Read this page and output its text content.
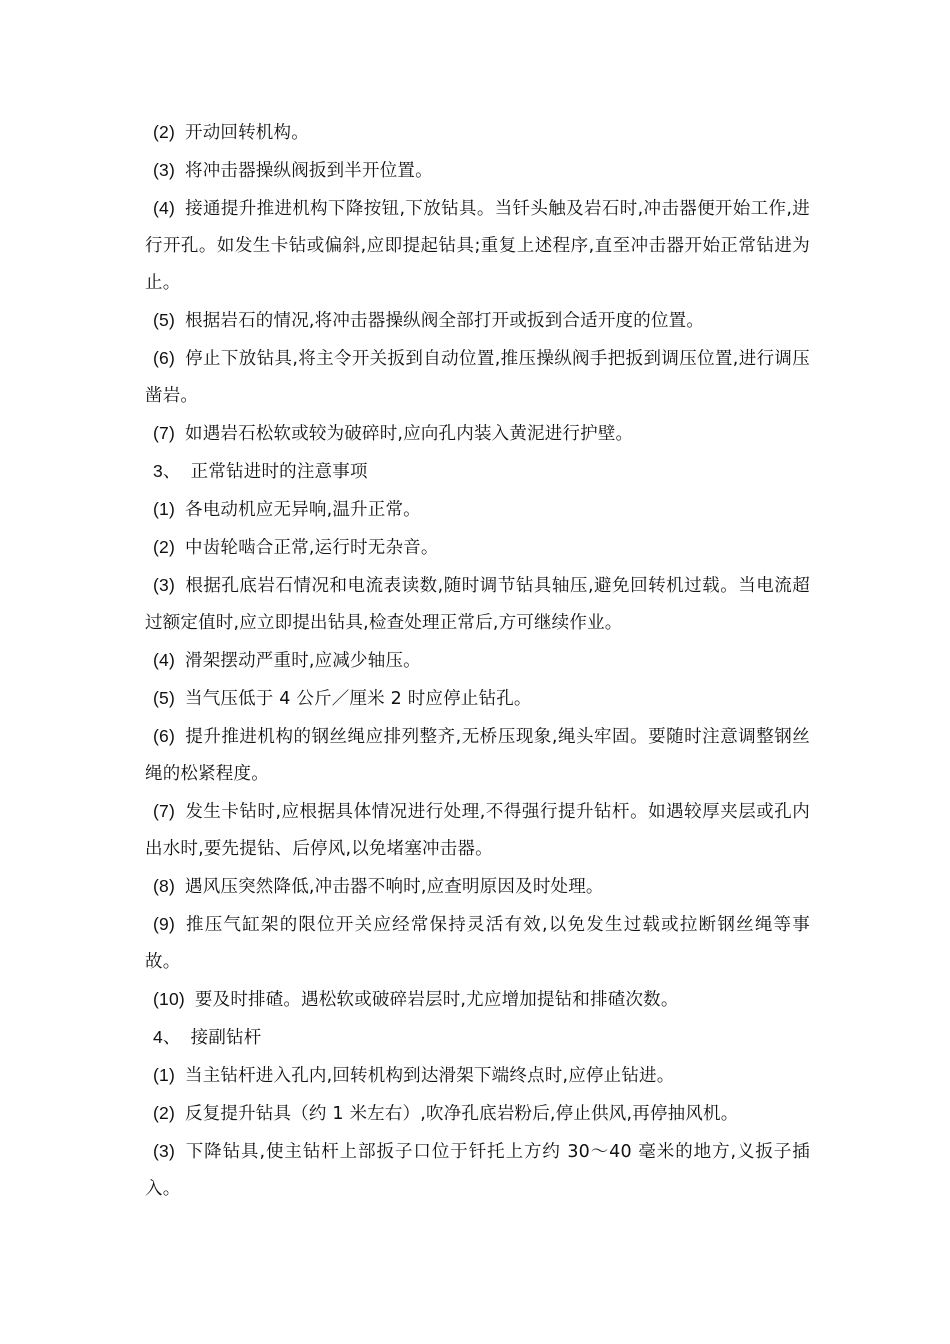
(2) 开动回转机构。

(3) 将冲击器操纵阀扳到半开位置。

(4) 接通提升推进机构下降按钮,下放钻具。当钎头触及岩石时,冲击器便开始工作,进行开孔。如发生卡钻或偏斜,应即提起钻具;重复上述程序,直至冲击器开始正常钻进为止。

(5) 根据岩石的情况,将冲击器操纵阀全部打开或扳到合适开度的位置。

(6) 停止下放钻具,将主令开关扳到自动位置,推压操纵阀手把扳到调压位置,进行调压凿岩。

(7) 如遇岩石松软或较为破碎时,应向孔内装入黄泥进行护壁。

3、 正常钻进时的注意事项

(1) 各电动机应无异响,温升正常。

(2) 中齿轮啮合正常,运行时无杂音。

(3) 根据孔底岩石情况和电流表读数,随时调节钻具轴压,避免回转机过载。当电流超过额定值时,应立即提出钻具,检查处理正常后,方可继续作业。

(4) 滑架摆动严重时,应减少轴压。

(5) 当气压低于 4 公斤／厘米 2 时应停止钻孔。

(6) 提升推进机构的钢丝绳应排列整齐,无桥压现象,绳头牢固。要随时注意调整钢丝绳的松紧程度。

(7) 发生卡钻时,应根据具体情况进行处理,不得强行提升钻杆。如遇较厚夹层或孔内出水时,要先提钻、后停风,以免堵塞冲击器。

(8) 遇风压突然降低,冲击器不响时,应查明原因及时处理。

(9) 推压气缸架的限位开关应经常保持灵活有效,以免发生过载或拉断钢丝绳等事故。

(10) 要及时排碴。遇松软或破碎岩层时,尤应增加提钻和排碴次数。

4、 接副钻杆

(1) 当主钻杆进入孔内,回转机构到达滑架下端终点时,应停止钻进。

(2) 反复提升钻具（约 1 米左右）,吹净孔底岩粉后,停止供风,再停抽风机。

(3) 下降钻具,使主钻杆上部扳子口位于钎托上方约 30～40 毫米的地方,义扳子插入。
